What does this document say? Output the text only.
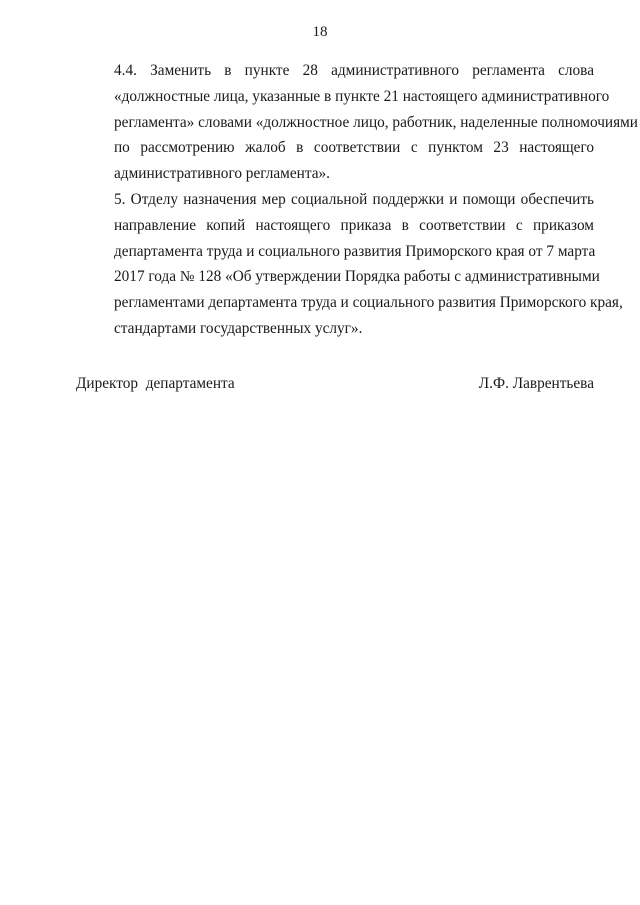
18

4.4. Заменить в пункте 28 административного регламента слова
«должностные лица, указанные в пункте 21 настоящего административного
регламента» словами «должностное лицо, работник, наделенные полномочиями
по рассмотрению жалоб в соответствии с пунктом 23 настоящего
административного регламента».

5. Отделу назначения мер социальной поддержки и помощи обеспечить
направление копий настоящего приказа в соответствии с приказом
департамента труда и социального развития Приморского края от 7 марта
2017 года № 128 «Об утверждении Порядка работы с административными
регламентами департамента труда и социального развития Приморского края,
стандартами государственных услуг».

Директор  департамента	Л.Ф. Лаврентьева
